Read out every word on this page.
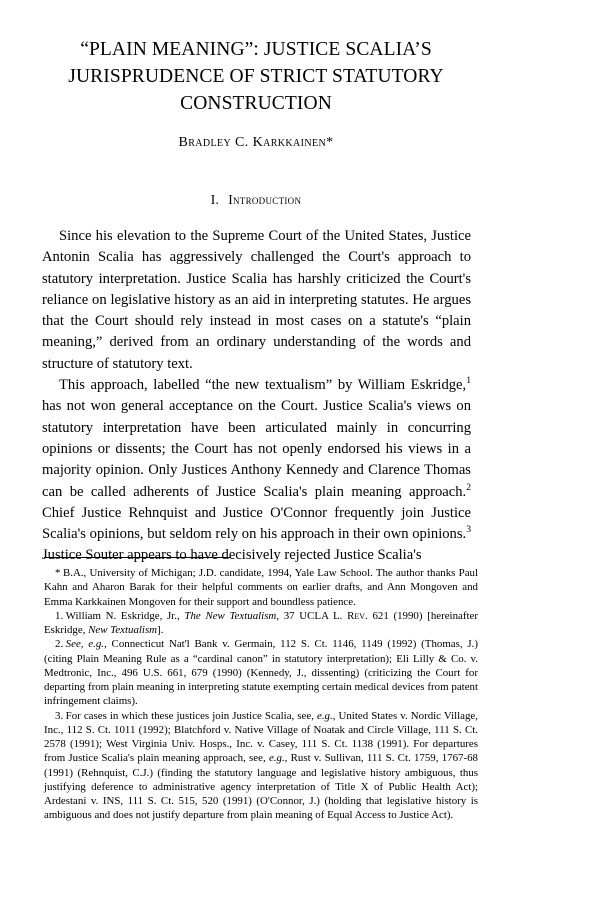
“PLAIN MEANING”: JUSTICE SCALIA’S
JURISPRUDENCE OF STRICT STATUTORY
CONSTRUCTION
Bradley C. Karkkainen*
I. Introduction

Since his elevation to the Supreme Court of the United States, Justice Antonin Scalia has aggressively challenged the Court's approach to statutory interpretation. Justice Scalia has harshly criticized the Court's reliance on legislative history as an aid in interpreting statutes. He argues that the Court should rely instead in most cases on a statute's “plain meaning,” derived from an ordinary understanding of the words and structure of statutory text.

This approach, labelled “the new textualism” by William Eskridge,$^1$ has not won general acceptance on the Court. Justice Scalia's views on statutory interpretation have been articulated mainly in concurring opinions or dissents; the Court has not openly endorsed his views in a majority opinion. Only Justices Anthony Kennedy and Clarence Thomas can be called adherents of Justice Scalia's plain meaning approach.$^2$ Chief Justice Rehnquist and Justice O'Connor frequently join Justice Scalia's opinions, but seldom rely on his approach in their own opinions.$^3$ Justice Souter appears to have decisively rejected Justice Scalia's

* B.A., University of Michigan; J.D. candidate, 1994, Yale Law School. The author thanks Paul Kahn and Aharon Barak for their helpful comments on earlier drafts, and Ann Mongoven and Emma Karkkainen Mongoven for their support and boundless patience.

1. William N. Eskridge, Jr., The New Textualism, 37 UCLA L. Rev. 621 (1990) [hereinafter Eskridge, New Textualism].

2. See, e.g., Connecticut Nat'l Bank v. Germain, 112 S. Ct. 1146, 1149 (1992) (Thomas, J.) (citing Plain Meaning Rule as a “cardinal canon” in statutory interpretation); Eli Lilly & Co. v. Medtronic, Inc., 496 U.S. 661, 679 (1990) (Kennedy, J., dissenting) (criticizing the Court for departing from plain meaning in interpreting statute exempting certain medical devices from patent infringement claims).

3. For cases in which these justices join Justice Scalia, see, e.g., United States v. Nordic Village, Inc., 112 S. Ct. 1011 (1992); Blatchford v. Native Village of Noatak and Circle Village, 111 S. Ct. 2578 (1991); West Virginia Univ. Hosps., Inc. v. Casey, 111 S. Ct. 1138 (1991). For departures from Justice Scalia's plain meaning approach, see, e.g., Rust v. Sullivan, 111 S. Ct. 1759, 1767-68 (1991) (Rehnquist, C.J.) (finding the statutory language and legislative history ambiguous, thus justifying deference to administrative agency interpretation of Title X of Public Health Act); Ardestani v. INS, 111 S. Ct. 515, 520 (1991) (O'Connor, J.) (holding that legislative history is ambiguous and does not justify departure from plain meaning of Equal Access to Justice Act).
